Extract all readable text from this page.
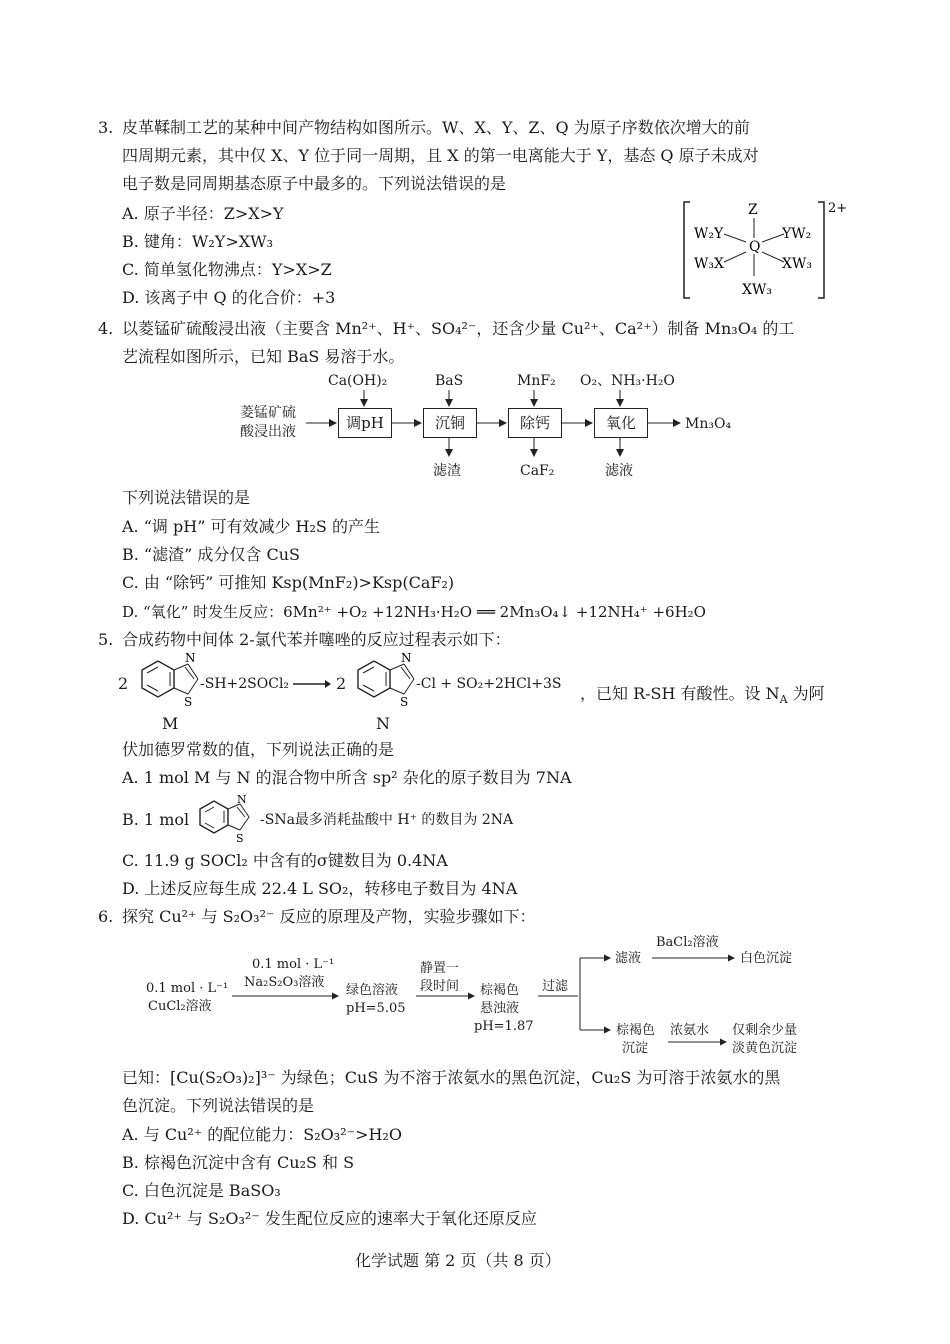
3. 皮革鞣制工艺的某种中间产物结构如图所示。W、X、Y、Z、Q 为原子序数依次增大的前
四周期元素，其中仅 X、Y 位于同一周期，且 X 的第一电离能大于 Y，基态 Q 原子未成对
电子数是同周期基态原子中最多的。下列说法错误的是
A. 原子半径：Z>X>Y
B. 键角：W₂Y>XW₃
C. 简单氢化物沸点：Y>X>Z
D. 该离子中 Q 的化合价：+3
2+
Z
Q
W₂Y
W₃X
YW₂
XW₃
XW₃
4. 以菱锰矿硫酸浸出液（主要含 Mn²⁺、H⁺、SO₄²⁻，还含少量 Cu²⁺、Ca²⁺）制备 Mn₃O₄ 的工
艺流程如图所示，已知 BaS 易溶于水。
菱锰矿硫
酸浸出液
Ca(OH)₂	BaS	MnF₂ O₂、NH₃·H₂O
调pH	沉铜	除钙	氧化
滤渣	CaF₂	滤液
Mn₃O₄
下列说法错误的是
A. “调 pH” 可有效减少 H₂S 的产生
B. “滤渣” 成分仅含 CuS
C. 由 “除钙” 可推知 Ksp(MnF₂)>Ksp(CaF₂)
D. “氧化” 时发生反应：6Mn²⁺ +O₂ +12NH₃·H₂O ══ 2Mn₃O₄↓ +12NH₄⁺ +6H₂O
5. 合成药物中间体 2-氯代苯并噻唑的反应过程表示如下：
2
N
S
-SH+2SOCl₂	2
N
S
-Cl + SO₂+2HCl+3S ，已知 R-SH 有酸性。设 $N_A$ 为阿
M	N
伏加德罗常数的值，下列说法正确的是
A. 1 mol M 与 N 的混合物中所含 sp² 杂化的原子数目为 7NA
B. 1 mol
N
S
-SNa最多消耗盐酸中 H⁺ 的数目为 2NA
C. 11.9 g SOCl₂ 中含有的σ键数目为 0.4NA
D. 上述反应每生成 22.4 L SO₂，转移电子数目为 4NA
6. 探究 Cu²⁺ 与 S₂O₃²⁻ 反应的原理及产物，实验步骤如下：
0.1 mol · L⁻¹
CuCl₂溶液
0.1 mol · L⁻¹
Na₂S₂O₃溶液
绿色溶液
pH=5.05
静置一
段时间 棕褐色
悬浊液
pH=1.87
过滤
滤液
BaCl₂溶液
白色沉淀
棕褐色
沉淀
浓氨水 仅剩余少量
淡黄色沉淀
已知：[Cu(S₂O₃)₂]³⁻ 为绿色；CuS 为不溶于浓氨水的黑色沉淀，Cu₂S 为可溶于浓氨水的黑
色沉淀。下列说法错误的是
A. 与 Cu²⁺ 的配位能力：S₂O₃²⁻>H₂O
B. 棕褐色沉淀中含有 Cu₂S 和 S
C. 白色沉淀是 BaSO₃
D. Cu²⁺ 与 S₂O₃²⁻ 发生配位反应的速率大于氧化还原反应
化学试题 第 2 页（共 8 页）
